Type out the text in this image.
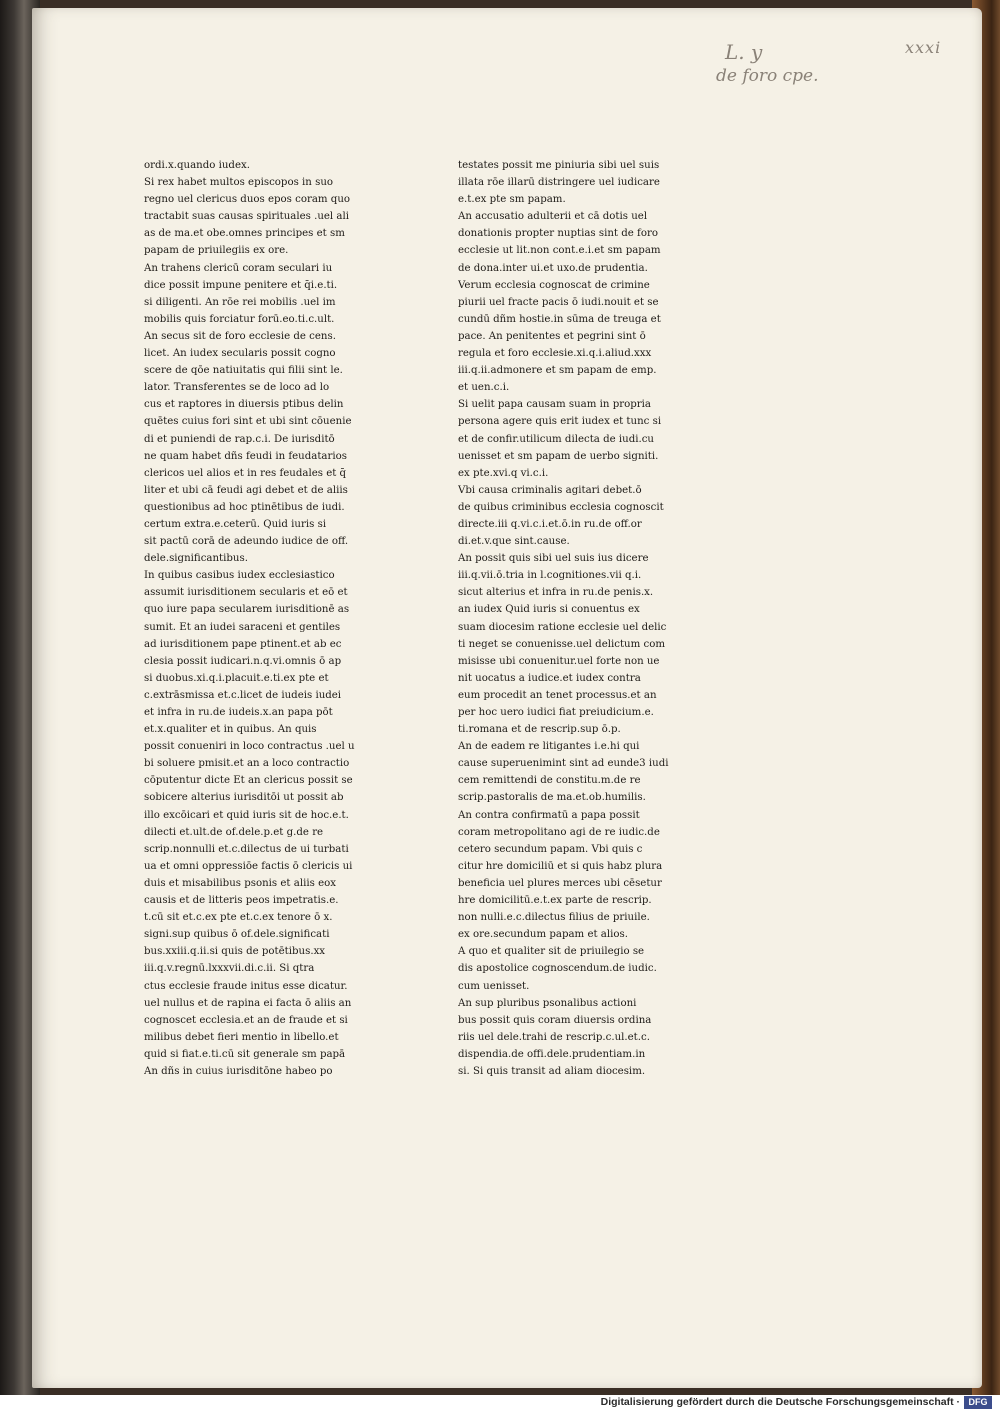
L. y
de foro cpe.
xxxi
ordi.x.quando iudex.
Si rex habet multos episcopos in suo
regno uel clericus duos epos coram quo
tractabit suas causas spirituales .uel ali
as de ma.et obe.omnes principes et sm
papam de priuilegiis ex ore.
An trahens clericū coram seculari iu
dice possit impune penitere et q̄i.e.ti.
si diligenti. An rōe rei mobilis .uel im
mobilis quis forciatur forū.eo.ti.c.ult.
An secus sit de foro ecclesie de cens.
licet. An iudex secularis possit cogno
scere de qōe natiuitatis qui filii sint le.
lator. Transferentes se de loco ad lo
cus et raptores in diuersis ptibus delin
quētes cuius fori sint et ubi sint cōuenie
di et puniendi de rap.c.i. De iurisditō
ne quam habet dñs feudi in feudatarios
clericos uel alios et in res feudales et q̄
liter et ubi cā feudi agi debet et de aliis
questionibus ad hoc ptinētibus de iudi.
certum extra.e.ceterū. Quid iuris si
sit pactū corā de adeundo iudice de off.
dele.significantibus.
In quibus casibus iudex ecclesiastico
assumit iurisditionem secularis et eō et
quo iure papa secularem iurisditionē as
sumit. Et an iudei saraceni et gentiles
ad iurisditionem pape ptinent.et ab ec
clesia possit iudicari.n.q.vi.omnis ō ap
si duobus.xi.q.i.placuit.e.ti.ex pte et
c.extrāsmissa et.c.licet de iudeis iudei
et infra in ru.de iudeis.x.an papa pōt
et.x.qualiter et in quibus. An quis
possit conueniri in loco contractus .uel u
bi soluere pmisit.et an a loco contractio
cōputentur dicte Et an clericus possit se
sobicere alterius iurisditōi ut possit ab
illo excōicari et quid iuris sit de hoc.e.t.
dilecti et.ult.de of.dele.p.et g.de re
scrip.nonnulli et.c.dilectus de ui turbati
ua et omni oppressiōe factis ō clericis ui
duis et misabilibus psonis et aliis eox
causis et de litteris peos impetratis.e.
t.cū sit et.c.ex pte et.c.ex tenore ō x.
signi.sup quibus ō of.dele.significati
bus.xxiii.q.ii.si quis de potētibus.xx
iii.q.v.regnū.lxxxvii.di.c.ii. Si qtra
ctus ecclesie fraude initus esse dicatur.
uel nullus et de rapina ei facta ō aliis an
cognoscet ecclesia.et an de fraude et si
milibus debet fieri mentio in libello.et
quid si fiat.e.ti.cū sit generale sm papā
An dñs in cuius iurisditōne habeo po
testates possit me piniuria sibi uel suis
illata rōe illarū distringere uel iudicare
e.t.ex pte sm papam.
An accusatio adulterii et cā dotis uel
donationis propter nuptias sint de foro
ecclesie ut lit.non cont.e.i.et sm papam
de dona.inter ui.et uxo.de prudentia.
Verum ecclesia cognoscat de crimine
piurii uel fracte pacis ō iudi.nouit et se
cundū dñm hostie.in sūma de treuga et
pace. An penitentes et pegrini sint ō
regula et foro ecclesie.xi.q.i.aliud.xxx
iii.q.ii.admonere et sm papam de emp.
et uen.c.i.
Si uelit papa causam suam in propria
persona agere quis erit iudex et tunc si
et de confir.utilicum dilecta de iudi.cu
uenisset et sm papam de uerbo signiti.
ex pte.xvi.q vi.c.i.
Vbi causa criminalis agitari debet.ō
de quibus criminibus ecclesia cognoscit
directe.iii q.vi.c.i.et.ō.in ru.de off.or
di.et.v.que sint.cause.
An possit quis sibi uel suis ius dicere
iii.q.vii.ō.tria in l.cognitiones.vii q.i.
sicut alterius et infra in ru.de penis.x.
an iudex Quid iuris si conuentus ex
suam diocesim ratione ecclesie uel delic
ti neget se conuenisse.uel delictum com
misisse ubi conuenitur.uel forte non ue
nit uocatus a iudice.et iudex contra
eum procedit an tenet processus.et an
per hoc uero iudici fiat preiudicium.e.
ti.romana et de rescrip.sup ō.p.
An de eadem re litigantes i.e.hi qui
cause superuenimint sint ad eunde3 iudi
cem remittendi de constitu.m.de re
scrip.pastoralis de ma.et.ob.humilis.
An contra confirmatū a papa possit
coram metropolitano agi de re iudic.de
cetero secundum papam. Vbi quis c
citur hre domiciliū et si quis habz plura
beneficia uel plures merces ubi cēsetur
hre domicilitū.e.t.ex parte de rescrip.
non nulli.e.c.dilectus filius de priuile.
ex ore.secundum papam et alios.
A quo et qualiter sit de priuilegio se
dis apostolice cognoscendum.de iudic.
cum uenisset.
An sup pluribus psonalibus actioni
bus possit quis coram diuersis ordina
riis uel dele.trahi de rescrip.c.ul.et.c.
dispendia.de offi.dele.prudentiam.in
si. Si quis transit ad aliam diocesim.
Digitalisierung gefördert durch die Deutsche Forschungsgemeinschaft · DFG
